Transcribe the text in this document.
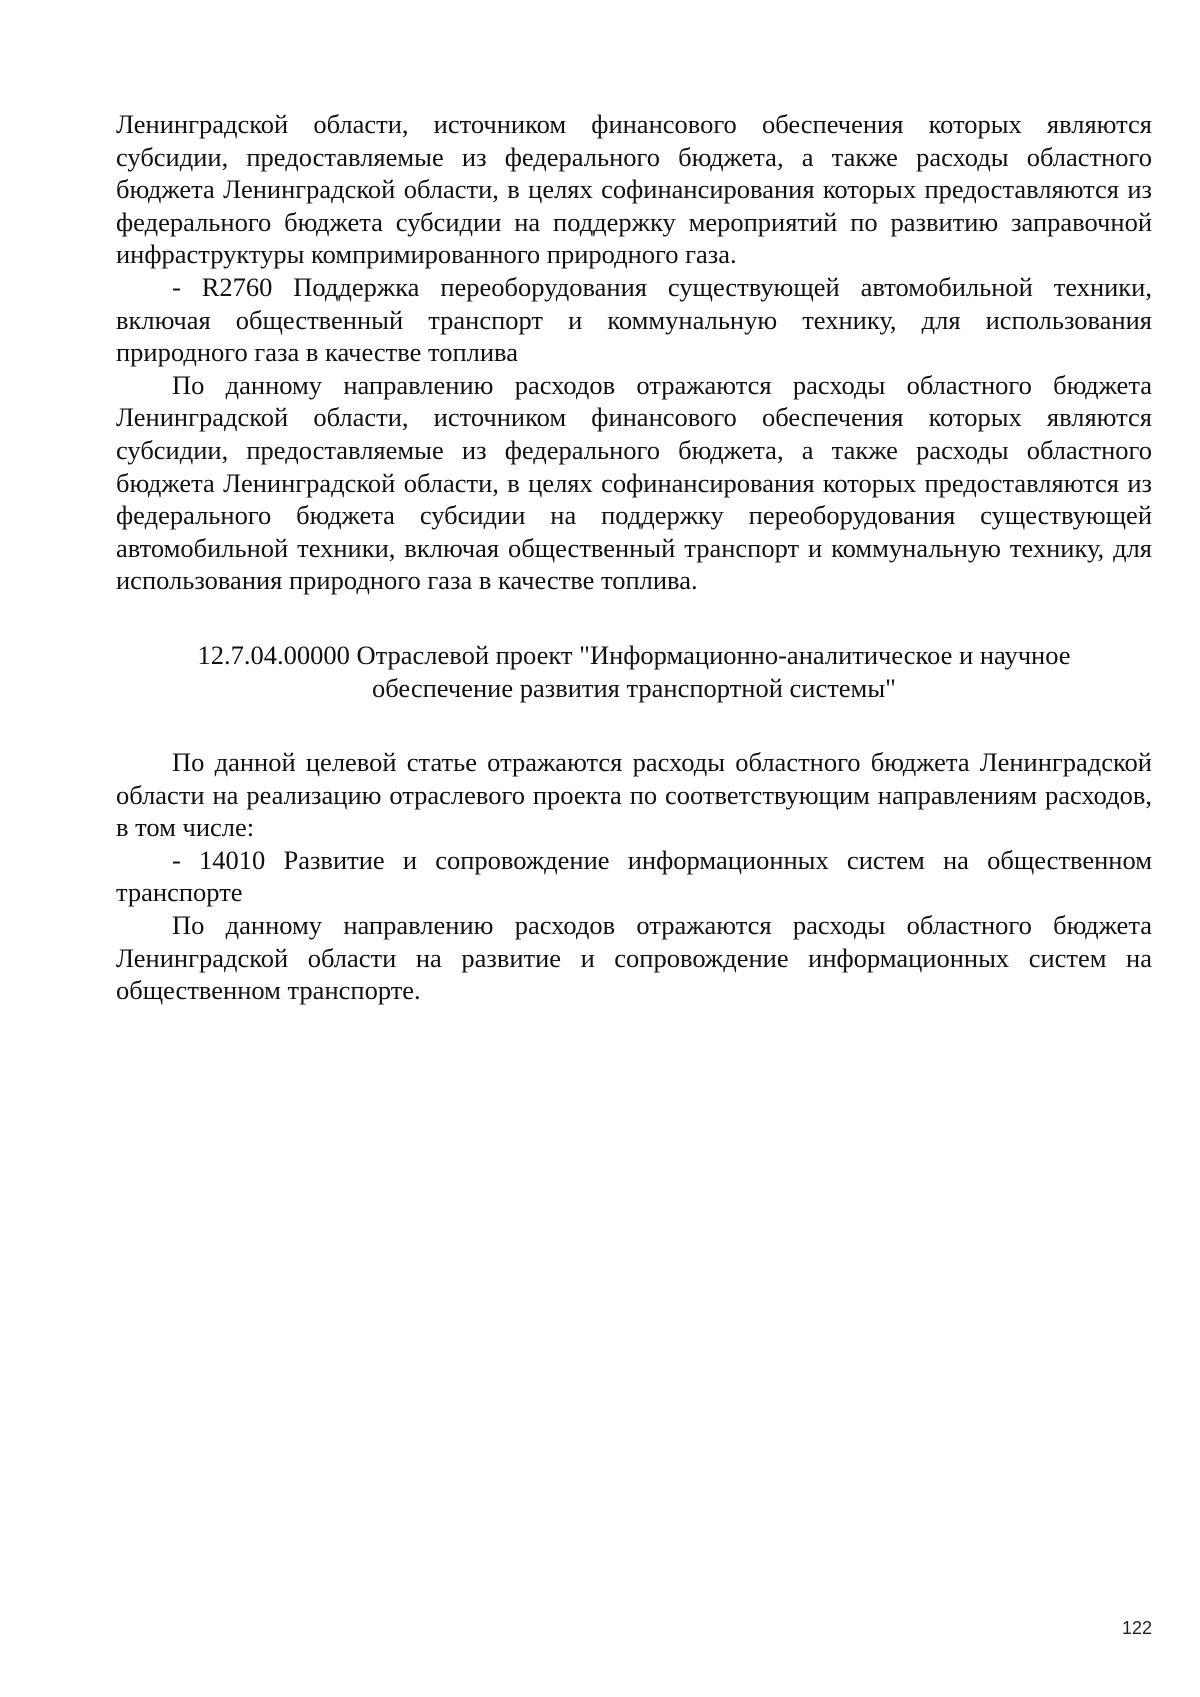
Ленинградской области, источником финансового обеспечения которых являются субсидии, предоставляемые из федерального бюджета, а также расходы областного бюджета Ленинградской области, в целях софинансирования которых предоставляются из федерального бюджета субсидии на поддержку мероприятий по развитию заправочной инфраструктуры компримированного природного газа.

- R2760 Поддержка переоборудования существующей автомобильной техники, включая общественный транспорт и коммунальную технику, для использования природного газа в качестве топлива

По данному направлению расходов отражаются расходы областного бюджета Ленинградской области, источником финансового обеспечения которых являются субсидии, предоставляемые из федерального бюджета, а также расходы областного бюджета Ленинградской области, в целях софинансирования которых предоставляются из федерального бюджета субсидии на поддержку переоборудования существующей автомобильной техники, включая общественный транспорт и коммунальную технику, для использования природного газа в качестве топлива.

12.7.04.00000 Отраслевой проект "Информационно-аналитическое и научное
обеспечение развития транспортной системы"

По данной целевой статье отражаются расходы областного бюджета Ленинградской области на реализацию отраслевого проекта по соответствующим направлениям расходов, в том числе:

- 14010 Развитие и сопровождение информационных систем на общественном транспорте

По данному направлению расходов отражаются расходы областного бюджета Ленинградской области на развитие и сопровождение информационных систем на общественном транспорте.

122
